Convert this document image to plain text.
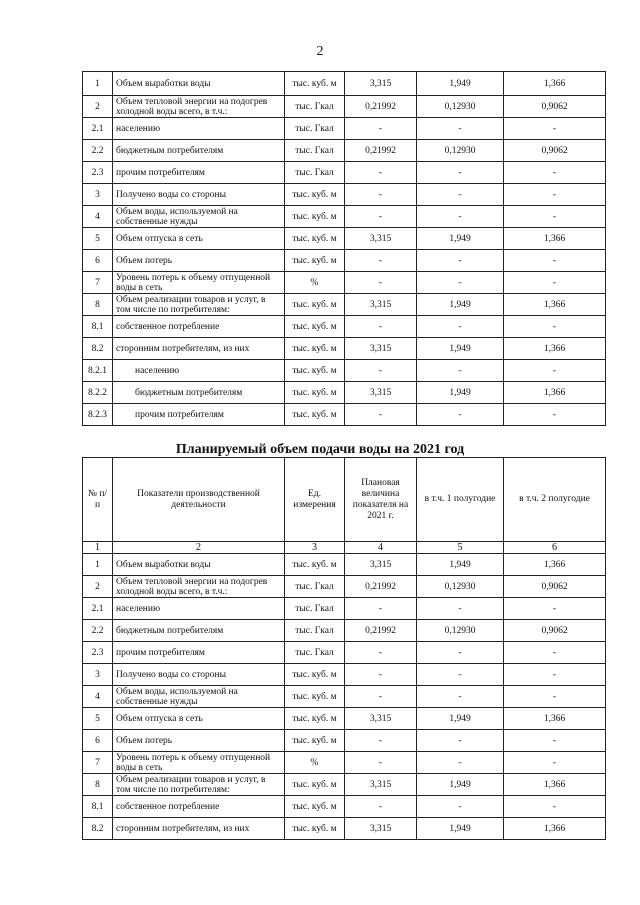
2
1	Объем выработки воды	тыс. куб. м	3,315	1,949	1,366
2	Объем тепловой энергии на подогрев холодной воды всего, в т.ч.:	тыс. Гкал	0,21992	0,12930	0,9062
2.1	населению	тыс. Гкал	-	-	-
2.2	бюджетным потребителям	тыс. Гкал	0,21992	0,12930	0,9062
2.3	прочим потребителям	тыс. Гкал	-	-	-
3	Получено воды со стороны	тыс. куб. м	-	-	-
4	Объем воды, используемой на собственные нужды	тыс. куб. м	-	-	-
5	Объем отпуска в сеть	тыс. куб. м	3,315	1,949	1,366
6	Объем потерь	тыс. куб. м	-	-	-
7	Уровень потерь к объему отпущенной воды в сеть	%	-	-	-
8	Объем реализации товаров и услуг, в том числе по потребителям:	тыс. куб. м	3,315	1,949	1,366
8.1	собственное потребление	тыс. куб. м	-	-	-
8.2	сторонним потребителям, из них	тыс. куб. м	3,315	1,949	1,366
8.2.1	населению	тыс. куб. м	-	-	-
8.2.2	бюджетным потребителям	тыс. куб. м	3,315	1,949	1,366
8.2.3	прочим потребителям	тыс. куб. м	-	-	-
Планируемый объем подачи воды на 2021 год
№ п/п	Показатели производственной деятельности	Ед. измерения	Плановая величина показателя на 2021 г.	в т.ч. 1 полугодие	в т.ч. 2 полугодие
1	2	3	4	5	6
1	Объем выработки воды	тыс. куб. м	3,315	1,949	1,366
2	Объем тепловой энергии на подогрев холодной воды всего, в т.ч.:	тыс. Гкал	0,21992	0,12930	0,9062
2.1	населению	тыс. Гкал	-	-	-
2.2	бюджетным потребителям	тыс. Гкал	0,21992	0,12930	0,9062
2.3	прочим потребителям	тыс. Гкал	-	-	-
3	Получено воды со стороны	тыс. куб. м	-	-	-
4	Объем воды, используемой на собственные нужды	тыс. куб. м	-	-	-
5	Объем отпуска в сеть	тыс. куб. м	3,315	1,949	1,366
6	Объем потерь	тыс. куб. м	-	-	-
7	Уровень потерь к объему отпущенной воды в сеть	%	-	-	-
8	Объем реализации товаров и услуг, в том числе по потребителям:	тыс. куб. м	3,315	1,949	1,366
8.1	собственное потребление	тыс. куб. м	-	-	-
8.2	сторонним потребителям, из них	тыс. куб. м	3,315	1,949	1,366
